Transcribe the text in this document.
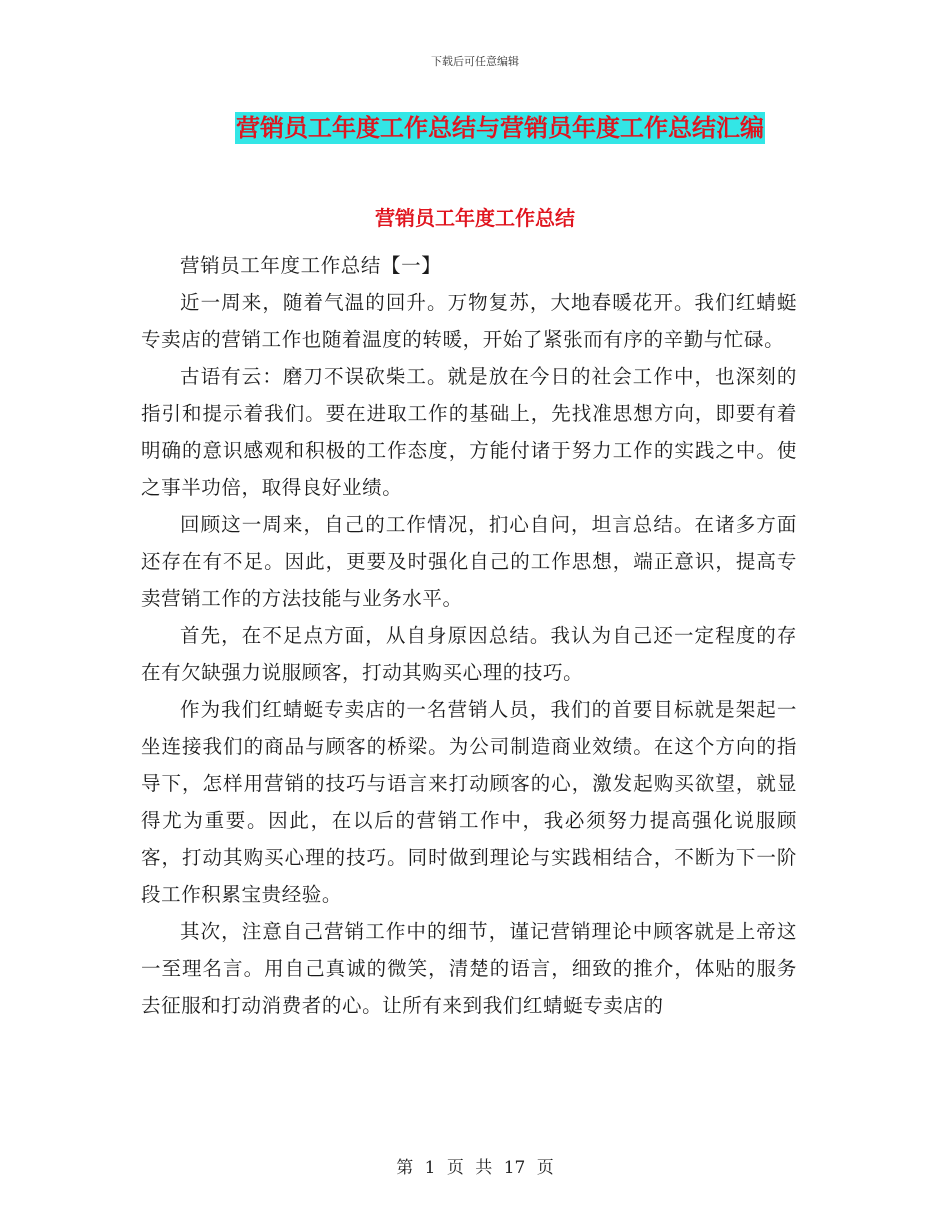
下载后可任意编辑
营销员工年度工作总结与营销员年度工作总结汇编
营销员工年度工作总结

营销员工年度工作总结【一】

近一周来，随着气温的回升。万物复苏，大地春暖花开。我们红蜻蜓专卖店的营销工作也随着温度的转暖，开始了紧张而有序的辛勤与忙碌。

古语有云：磨刀不误砍柴工。就是放在今日的社会工作中，也深刻的指引和提示着我们。要在进取工作的基础上，先找准思想方向，即要有着明确的意识感观和积极的工作态度，方能付诸于努力工作的实践之中。使之事半功倍，取得良好业绩。

回顾这一周来，自己的工作情况，扪心自问，坦言总结。在诸多方面还存在有不足。因此，更要及时强化自己的工作思想，端正意识，提高专卖营销工作的方法技能与业务水平。

首先，在不足点方面，从自身原因总结。我认为自己还一定程度的存在有欠缺强力说服顾客，打动其购买心理的技巧。

作为我们红蜻蜓专卖店的一名营销人员，我们的首要目标就是架起一坐连接我们的商品与顾客的桥梁。为公司制造商业效绩。在这个方向的指导下，怎样用营销的技巧与语言来打动顾客的心，激发起购买欲望，就显得尤为重要。因此，在以后的营销工作中，我必须努力提高强化说服顾客，打动其购买心理的技巧。同时做到理论与实践相结合，不断为下一阶段工作积累宝贵经验。

其次，注意自己营销工作中的细节，谨记营销理论中顾客就是上帝这一至理名言。用自己真诚的微笑，清楚的语言，细致的推介，体贴的服务去征服和打动消费者的心。让所有来到我们红蜻蜓专卖店的

第 1 页 共 17 页
